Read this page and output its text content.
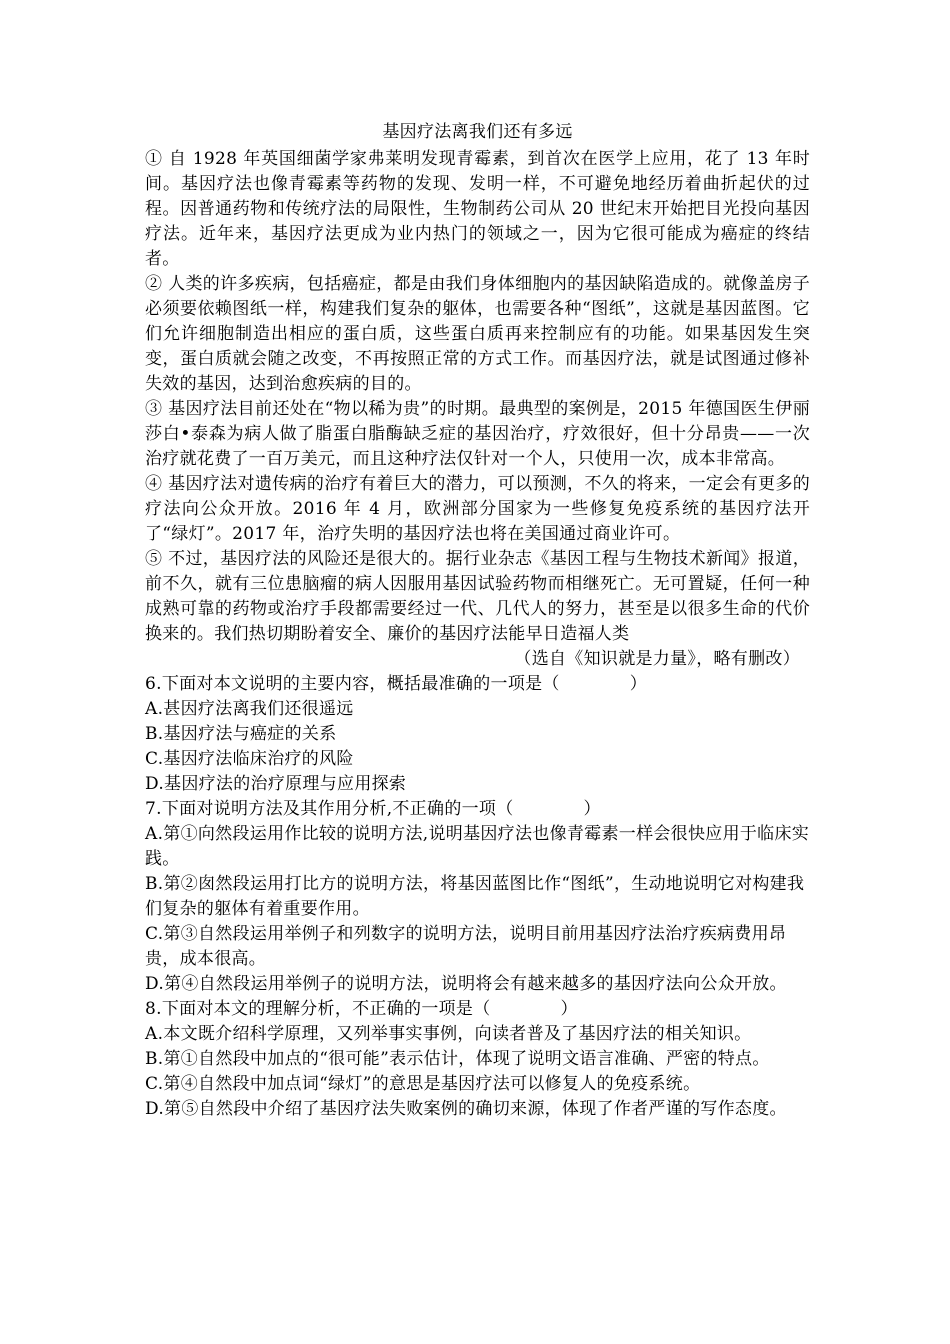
基因疗法离我们还有多远

① 自 1928 年英国细菌学家弗莱明发现青霉素，到首次在医学上应用，花了 13 年时间。基因疗法也像青霉素等药物的发现、发明一样，不可避免地经历着曲折起伏的过程。因普通药物和传统疗法的局限性，生物制药公司从 20 世纪末开始把目光投向基因疗法。近年来，基因疗法更成为业内热门的领域之一，因为它很可能成为癌症的终结者。

② 人类的许多疾病，包括癌症，都是由我们身体细胞内的基因缺陷造成的。就像盖房子必须要依赖图纸一样，构建我们复杂的躯体，也需要各种“图纸”，这就是基因蓝图。它们允许细胞制造出相应的蛋白质，这些蛋白质再来控制应有的功能。如果基因发生突变，蛋白质就会随之改变，不再按照正常的方式工作。而基因疗法，就是试图通过修补失效的基因，达到治愈疾病的目的。

③ 基因疗法目前还处在“物以稀为贵”的时期。最典型的案例是，2015 年德国医生伊丽莎白•泰森为病人做了脂蛋白脂酶缺乏症的基因治疗，疗效很好，但十分昂贵——一次治疗就花费了一百万美元，而且这种疗法仅针对一个人，只使用一次，成本非常高。

④ 基因疗法对遗传病的治疗有着巨大的潜力，可以预测，不久的将来，一定会有更多的疗法向公众开放。2016 年 4 月，欧洲部分国家为一些修复免疫系统的基因疗法开了“绿灯”。2017 年，治疗失明的基因疗法也将在美国通过商业许可。

⑤ 不过，基因疗法的风险还是很大的。据行业杂志《基因工程与生物技术新闻》报道，前不久，就有三位患脑瘤的病人因服用基因试验药物而相继死亡。无可置疑，任何一种成熟可靠的药物或治疗手段都需要经过一代、几代人的努力，甚至是以很多生命的代价换来的。我们热切期盼着安全、廉价的基因疗法能早日造福人类

（选自《知识就是力量》，略有删改）

6.下面对本文说明的主要内容，概括最准确的一项是（	）

A.甚因疗法离我们还很遥远

B.基因疗法与癌症的关系

C.基因疗法临床治疗的风险

D.基因疗法的治疗原理与应用探索

7.下面对说明方法及其作用分析,不正确的一项（	）

A.第①向然段运用作比较的说明方法,说明基因疗法也像青霉素一样会很快应用于临床实践。

B.第②囱然段运用打比方的说明方法，将基因蓝图比作“图纸”，生动地说明它对构建我们复杂的躯体有着重要作用。

C.第③自然段运用举例子和列数字的说明方法，说明目前用基因疗法治疗疾病费用昂贵，成本很高。

D.第④自然段运用举例子的说明方法，说明将会有越来越多的基因疗法向公众开放。

8.下面对本文的理解分析，不正确的一项是（	）

A.本文既介绍科学原理，又列举事实事例，向读者普及了基因疗法的相关知识。

B.第①自然段中加点的“很可能”表示估计，体现了说明文语言准确、严密的特点。

C.第④自然段中加点词“绿灯”的意思是基因疗法可以修复人的免疫系统。

D.第⑤自然段中介绍了基因疗法失败案例的确切来源，体现了作者严谨的写作态度。
